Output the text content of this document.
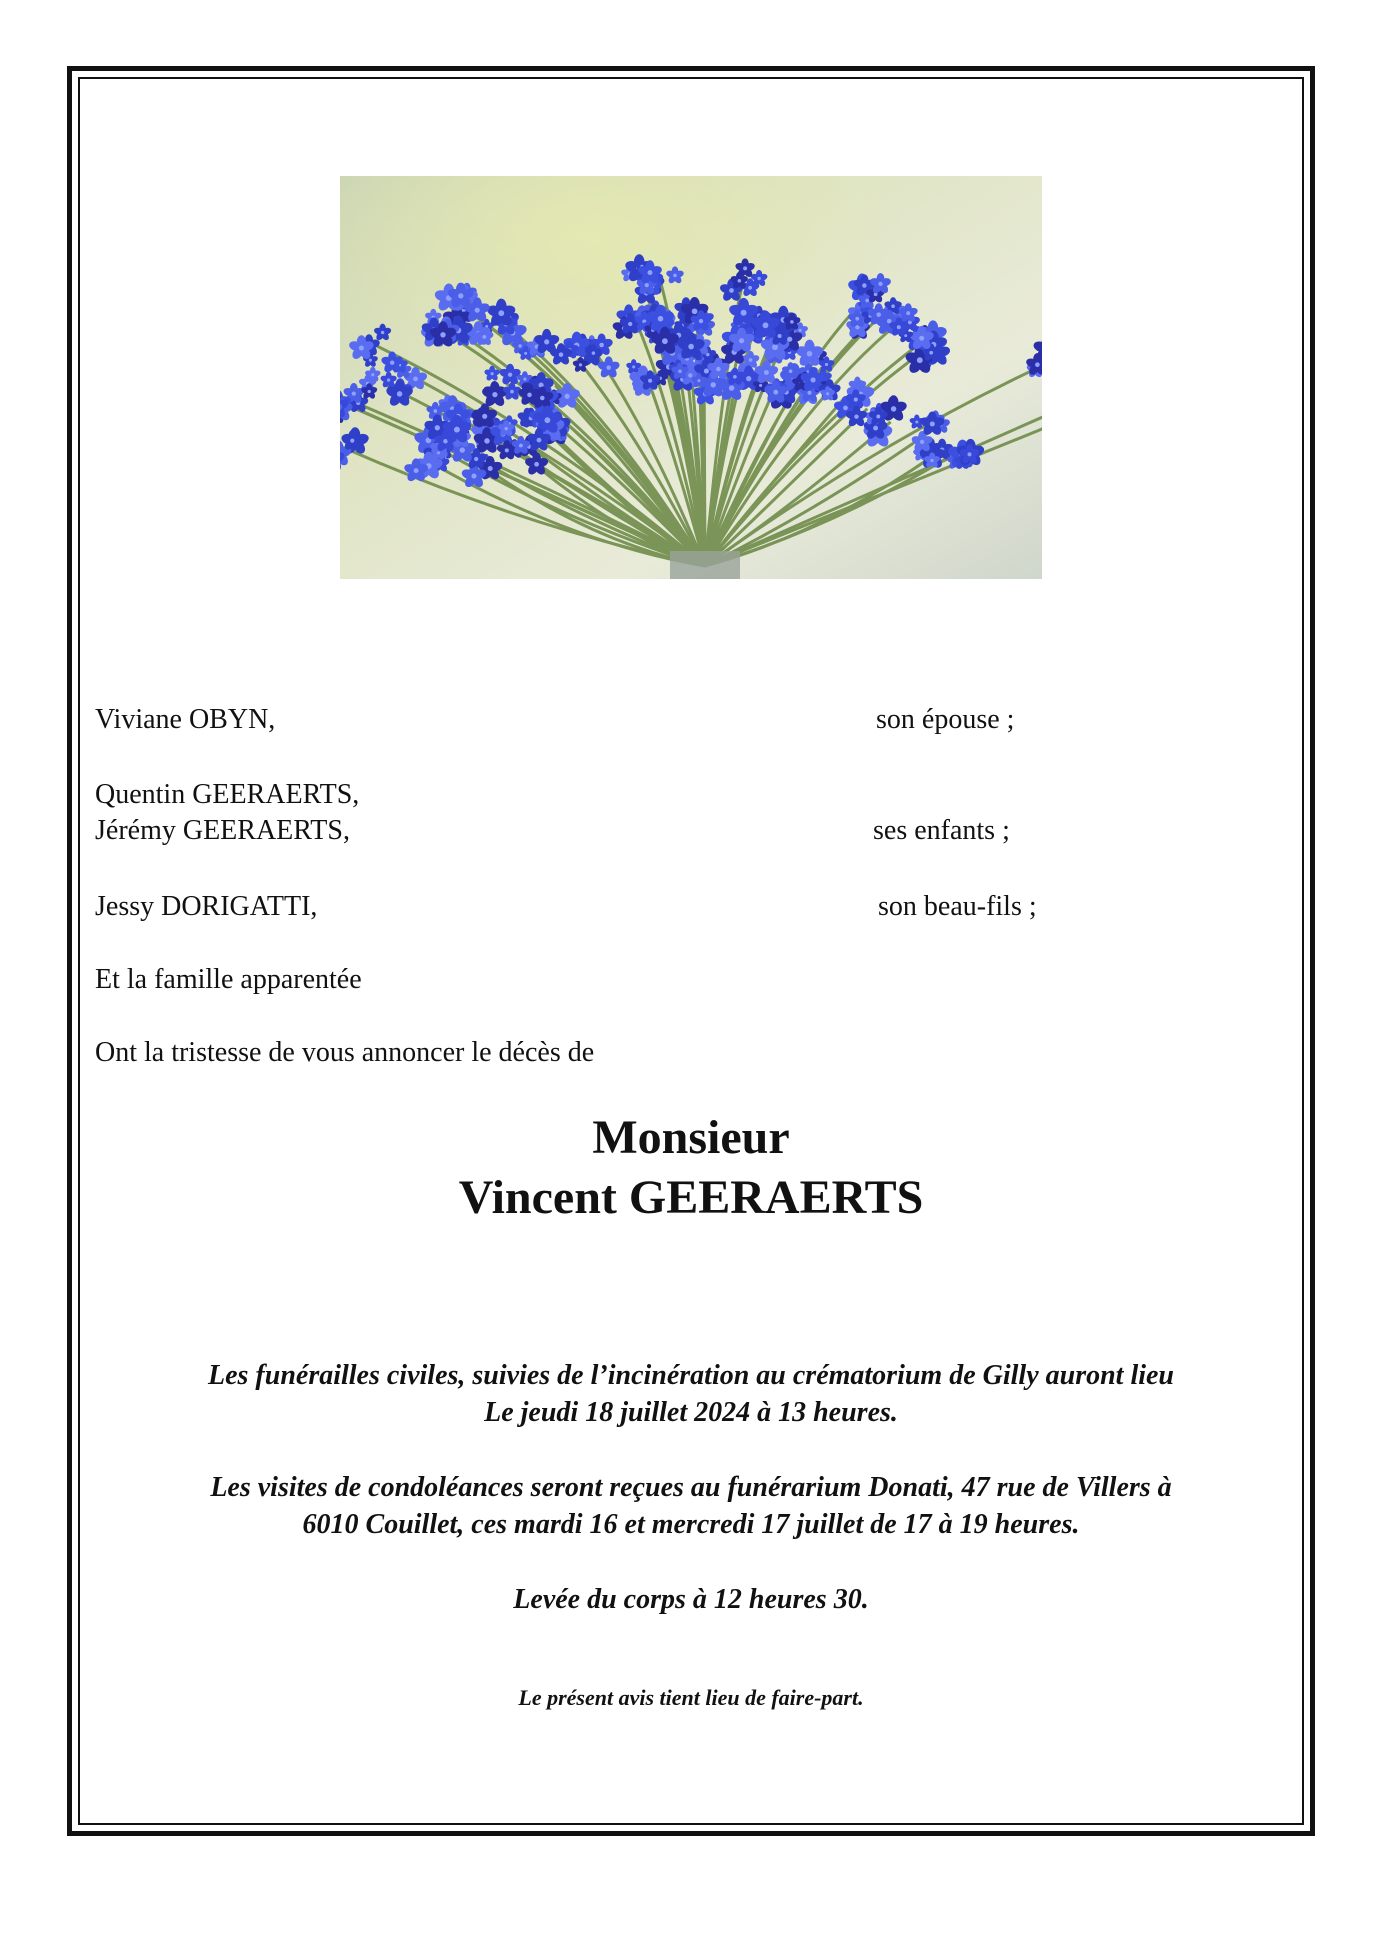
Viviane OBYN,	son épouse ;
Quentin GEERAERTS,
Jérémy GEERAERTS,	ses enfants ;
Jessy DORIGATTI,	son beau-fils ;
Et la famille apparentée
Ont la tristesse de vous annoncer le décès de
Monsieur
Vincent GEERAERTS
Les funérailles civiles, suivies de l’incinération au crématorium de Gilly auront lieu
Le jeudi 18 juillet 2024 à 13 heures.
Les visites de condoléances seront reçues au funérarium Donati, 47 rue de Villers à
6010 Couillet, ces mardi 16 et mercredi 17 juillet de 17 à 19 heures.
Levée du corps à 12 heures 30.
Le présent avis tient lieu de faire-part.
